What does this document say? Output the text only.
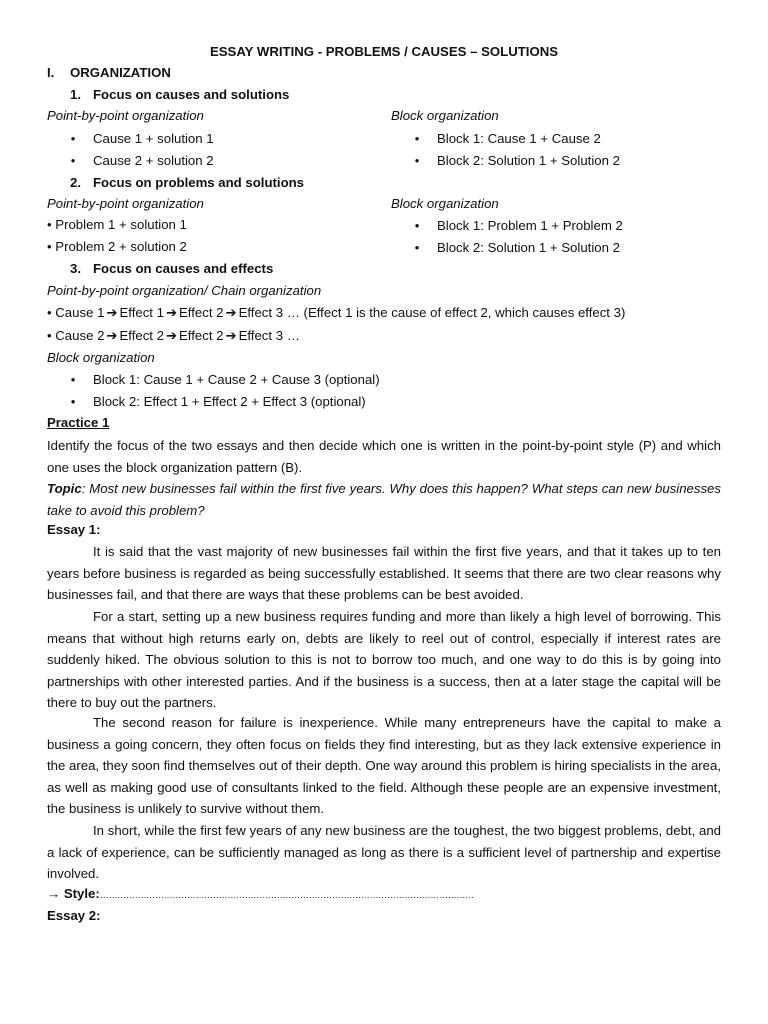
ESSAY WRITING - PROBLEMS / CAUSES – SOLUTIONS
I. ORGANIZATION
1. Focus on causes and solutions
Point-by-point organization	Block organization
● Cause 1 + solution 1
● Cause 2 + solution 2
● Block 1: Cause 1 + Cause 2
● Block 2: Solution 1 + Solution 2
2. Focus on problems and solutions
Point-by-point organization	Block organization
• Problem 1 + solution 1
• Problem 2 + solution 2
● Block 1: Problem 1 + Problem 2
● Block 2: Solution 1 + Solution 2
3. Focus on causes and effects
Point-by-point organization/ Chain organization
• Cause 1 ➔ Effect 1 ➔ Effect 2 ➔ Effect 3 … (Effect 1 is the cause of effect 2, which causes effect 3)
• Cause 2 ➔ Effect 2 ➔ Effect 2 ➔ Effect 3 …
Block organization
● Block 1: Cause 1 + Cause 2 + Cause 3 (optional)
● Block 2: Effect 1 + Effect 2 + Effect 3 (optional)
Practice 1
Identify the focus of the two essays and then decide which one is written in the point-by-point style (P) and which one uses the block organization pattern (B).
Topic: Most new businesses fail within the first five years. Why does this happen? What steps can new businesses take to avoid this problem?
Essay 1:
It is said that the vast majority of new businesses fail within the first five years, and that it takes up to ten years before business is regarded as being successfully established. It seems that there are two clear reasons why businesses fail, and that there are ways that these problems can be best avoided.
For a start, setting up a new business requires funding and more than likely a high level of borrowing. This means that without high returns early on, debts are likely to reel out of control, especially if interest rates are suddenly hiked. The obvious solution to this is not to borrow too much, and one way to do this is by going into partnerships with other interested parties. And if the business is a success, then at a later stage the capital will be there to buy out the partners.
The second reason for failure is inexperience. While many entrepreneurs have the capital to make a business a going concern, they often focus on fields they find interesting, but as they lack extensive experience in the area, they soon find themselves out of their depth. One way around this problem is hiring specialists in the area, as well as making good use of consultants linked to the field. Although these people are an expensive investment, the business is unlikely to survive without them.
In short, while the first few years of any new business are the toughest, the two biggest problems, debt, and a lack of experience, can be sufficiently managed as long as there is a sufficient level of partnership and expertise involved.
→ Style:…………………………………………………………………………………………………………………
Essay 2:
